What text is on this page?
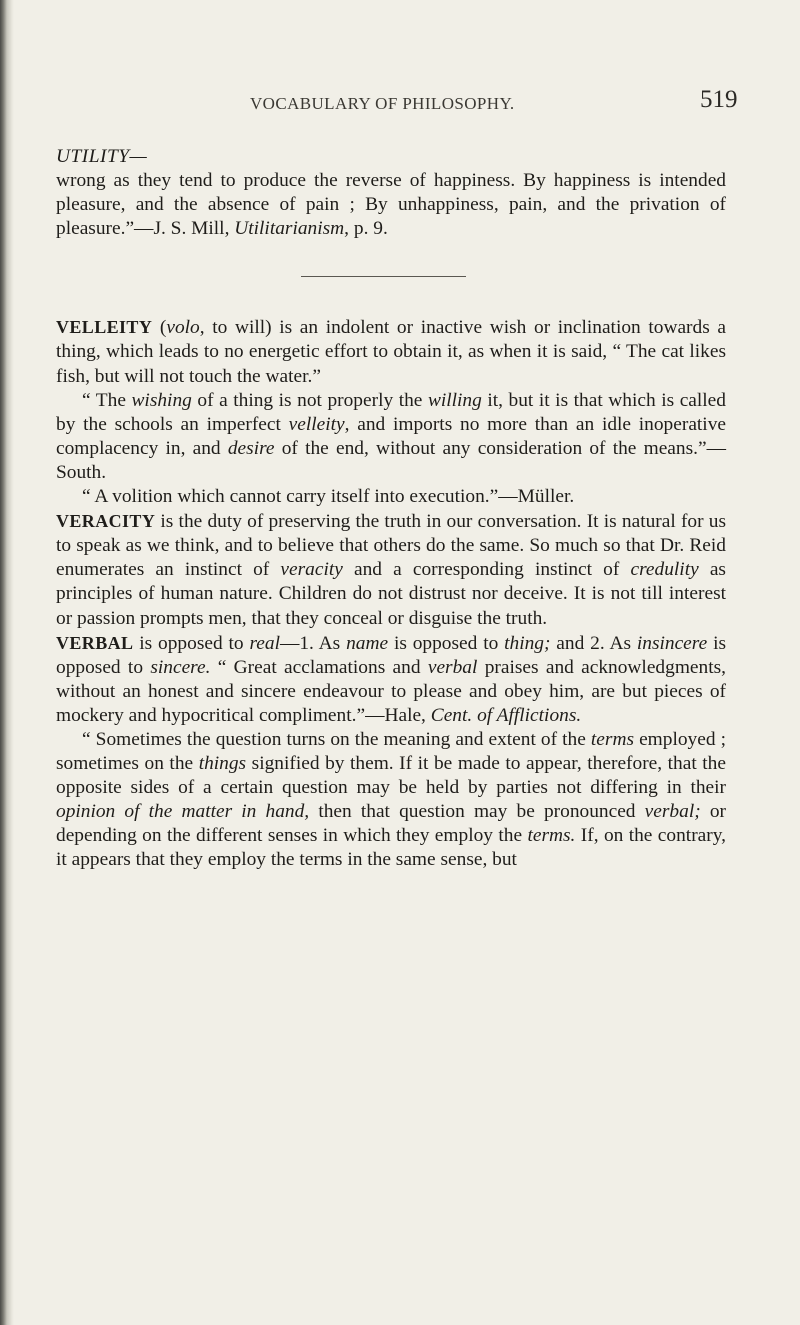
VOCABULARY OF PHILOSOPHY.	519

UTILITY—

wrong as they tend to produce the reverse of happiness. By happiness is intended pleasure, and the absence of pain ; By unhappiness, pain, and the privation of pleasure.”—J. S. Mill, Utilitarianism, p. 9.

VELLEITY (volo, to will) is an indolent or inactive wish or inclination towards a thing, which leads to no energetic effort to obtain it, as when it is said, “ The cat likes fish, but will not touch the water.”

“ The wishing of a thing is not properly the willing it, but it is that which is called by the schools an imperfect velleity, and imports no more than an idle inoperative complacency in, and desire of the end, without any consideration of the means.”—South.

“ A volition which cannot carry itself into execution.”—Müller.

VERACITY is the duty of preserving the truth in our conversation. It is natural for us to speak as we think, and to believe that others do the same. So much so that Dr. Reid enumerates an instinct of veracity and a corresponding instinct of credulity as principles of human nature. Children do not distrust nor deceive. It is not till interest or passion prompts men, that they conceal or disguise the truth.

VERBAL is opposed to real—1. As name is opposed to thing; and 2. As insincere is opposed to sincere. “ Great acclamations and verbal praises and acknowledgments, without an honest and sincere endeavour to please and obey him, are but pieces of mockery and hypocritical compliment.”—Hale, Cent. of Afflictions.

“ Sometimes the question turns on the meaning and extent of the terms employed ; sometimes on the things signified by them. If it be made to appear, therefore, that the opposite sides of a certain question may be held by parties not differing in their opinion of the matter in hand, then that question may be pronounced verbal; or depending on the different senses in which they employ the terms. If, on the contrary, it appears that they employ the terms in the same sense, but
